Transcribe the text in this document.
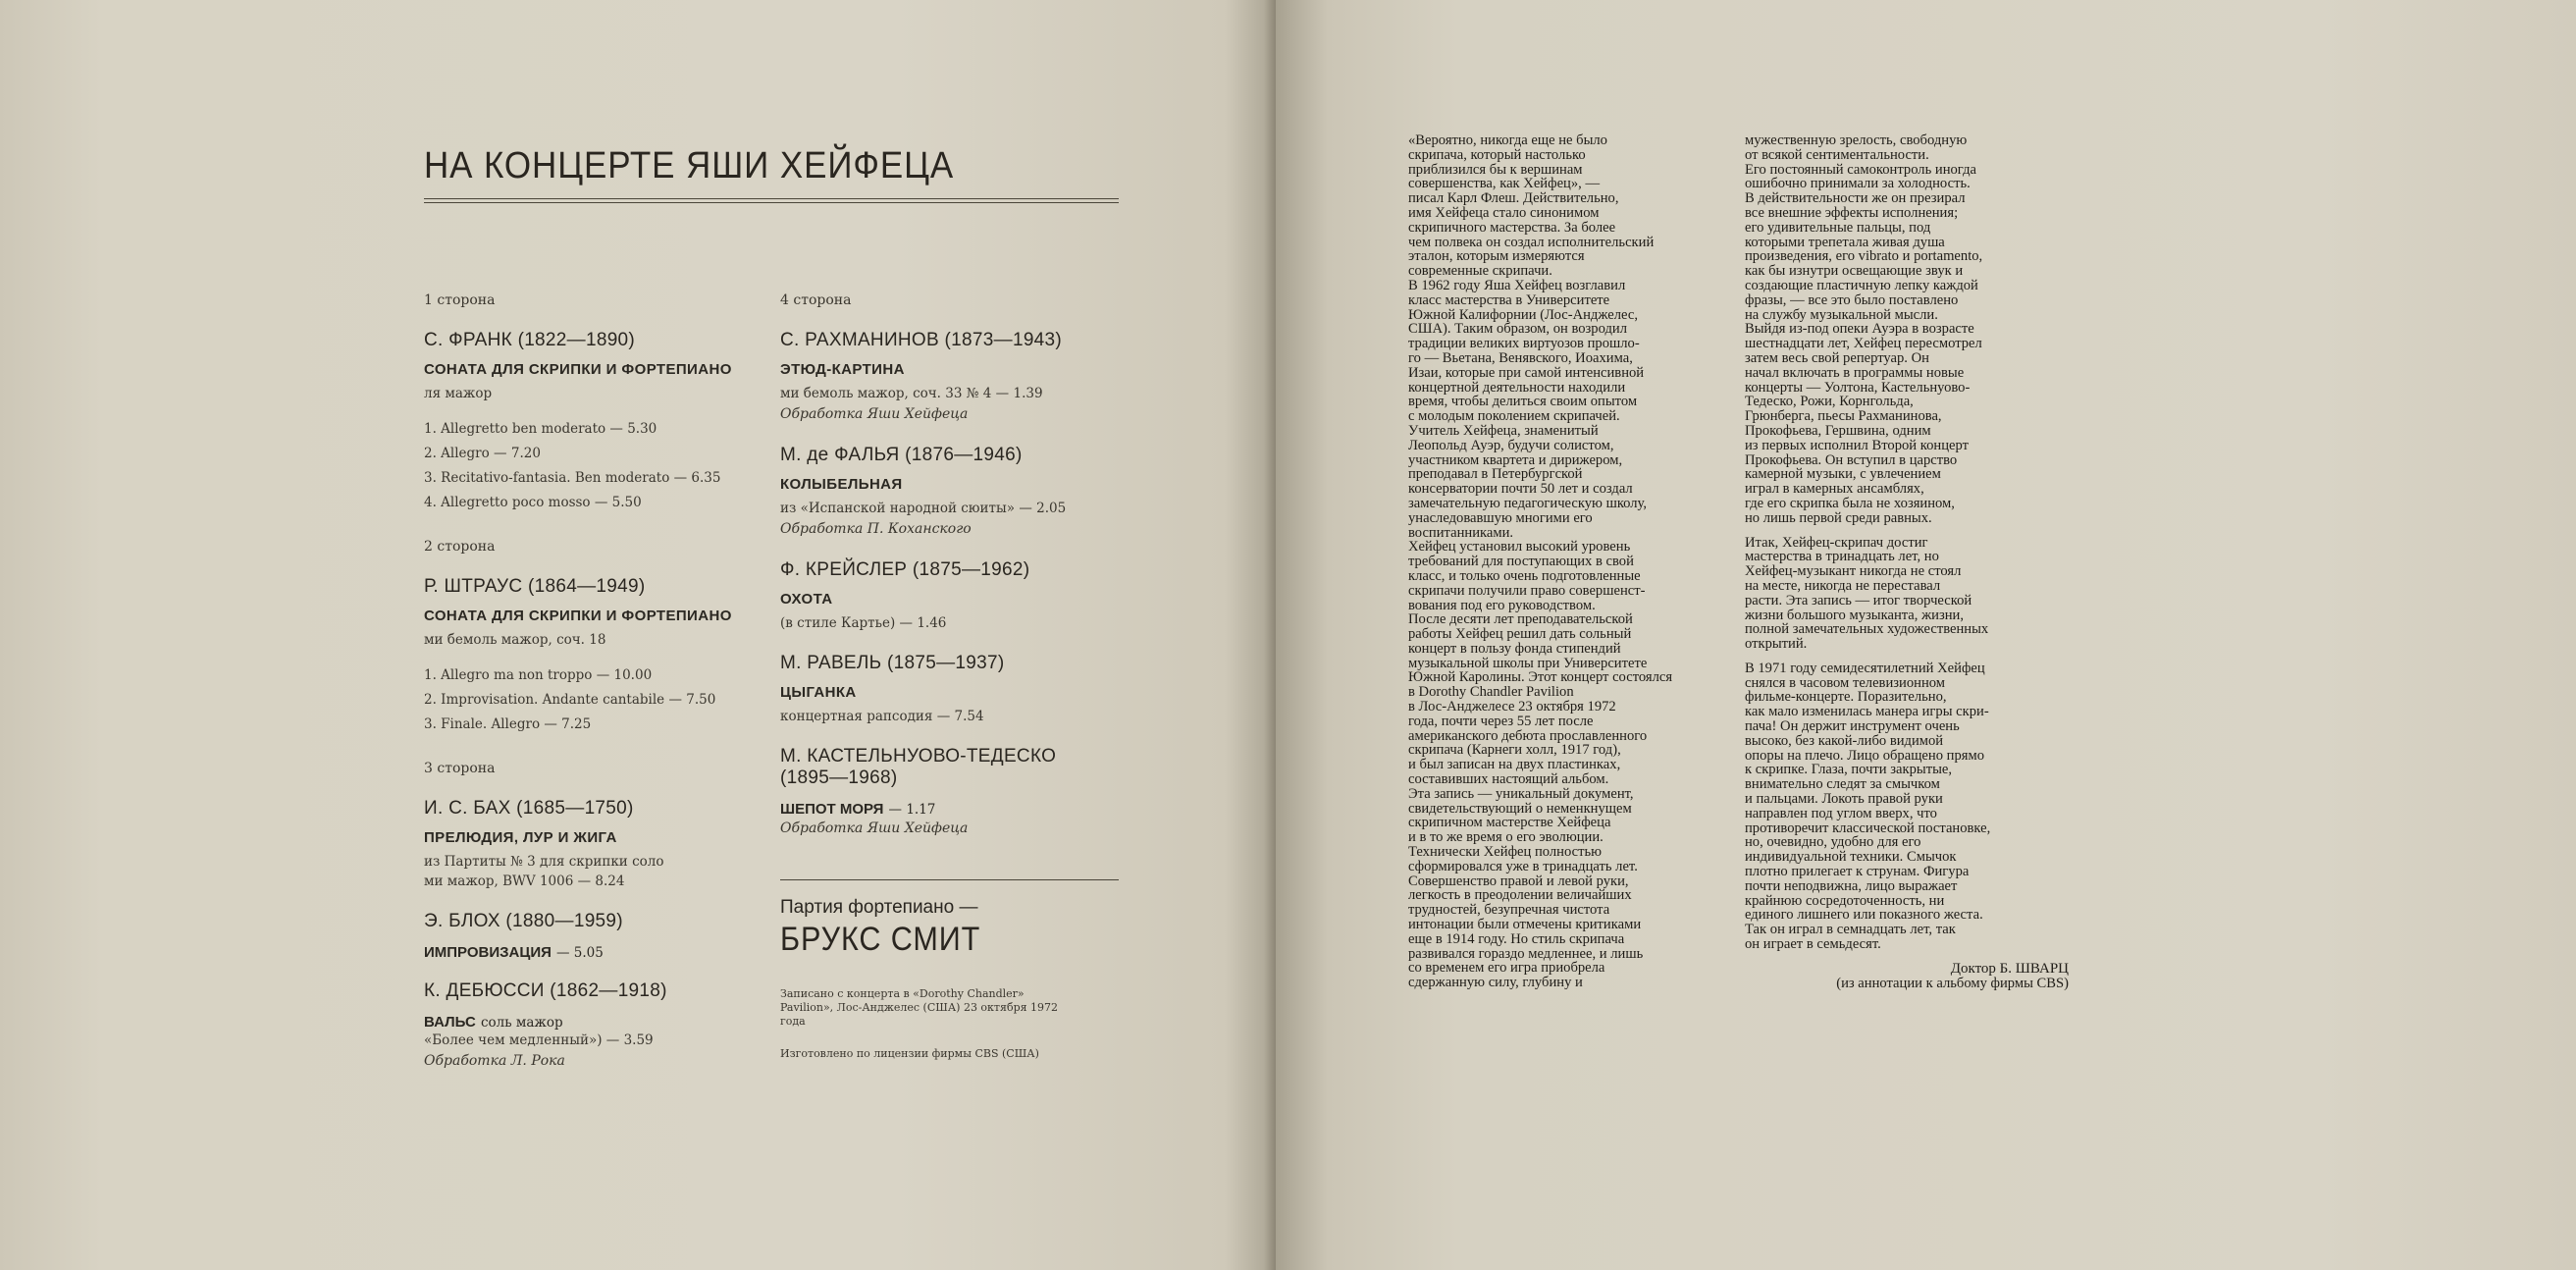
НА КОНЦЕРТЕ ЯШИ ХЕЙФЕЦА
1 сторона
С. ФРАНК (1822—1890)
СОНАТА ДЛЯ СКРИПКИ И ФОРТЕПИАНО
ля мажор
1. Allegretto ben moderato — 5.30
2. Allegro — 7.20
3. Recitativo-fantasia. Ben moderato — 6.35
4. Allegretto poco mosso — 5.50
2 сторона
Р. ШТРАУС (1864—1949)
СОНАТА ДЛЯ СКРИПКИ И ФОРТЕПИАНО
ми бемоль мажор, соч. 18
1. Allegro ma non troppo — 10.00
2. Improvisation. Andante cantabile — 7.50
3. Finale. Allegro — 7.25
3 сторона
И. С. БАХ (1685—1750)
ПРЕЛЮДИЯ, ЛУР И ЖИГА
из Партиты № 3 для скрипки соло
ми мажор, BWV 1006 — 8.24
Э. БЛОХ (1880—1959)
ИМПРОВИЗАЦИЯ — 5.05
К. ДЕБЮССИ (1862—1918)
ВАЛЬС соль мажор
«Более чем медленный») — 3.59
Обработка Л. Рока
4 сторона
С. РАХМАНИНОВ (1873—1943)
ЭТЮД-КАРТИНА
ми бемоль мажор, соч. 33 № 4 — 1.39
Обработка Яши Хейфеца
М. де ФАЛЬЯ (1876—1946)
КОЛЫБЕЛЬНАЯ
из «Испанской народной сюиты» — 2.05
Обработка П. Коханского
Ф. КРЕЙСЛЕР (1875—1962)
ОХОТА
(в стиле Картье) — 1.46
М. РАВЕЛЬ (1875—1937)
ЦЫГАНКА
концертная рапсодия — 7.54
М. КАСТЕЛЬНУОВО-ТЕДЕСКО
(1895—1968)
ШЕПОТ МОРЯ — 1.17
Обработка Яши Хейфеца
Партия фортепиано —
БРУКС СМИТ
Записано с концерта в «Dorothy Chandler» Pavilion», Лос-Анджелес (США) 23 октября 1972 года
Изготовлено по лицензии фирмы CBS (США)

«Вероятно, никогда еще не было

скрипача, который настолько

приблизился бы к вершинам

совершенства, как Хейфец», —

писал Карл Флеш. Действительно,

имя Хейфеца стало синонимом

скрипичного мастерства. За более

чем полвека он создал исполнительский

эталон, которым измеряются

современные скрипачи.

В 1962 году Яша Хейфец возглавил

класс мастерства в Университете

Южной Калифорнии (Лос-Анджелес,

США). Таким образом, он возродил

традиции великих виртуозов прошло-

го — Вьетана, Венявского, Иоахима,

Изаи, которые при самой интенсивной

концертной деятельности находили

время, чтобы делиться своим опытом

с молодым поколением скрипачей.

Учитель Хейфеца, знаменитый

Леопольд Ауэр, будучи солистом,

участником квартета и дирижером,

преподавал в Петербургской

консерватории почти 50 лет и создал

замечательную педагогическую школу,

унаследовавшую многими его

воспитанниками.

Хейфец установил высокий уровень

требований для поступающих в свой

класс, и только очень подготовленные

скрипачи получили право совершенст-

вования под его руководством.

После десяти лет преподавательской

работы Хейфец решил дать сольный

концерт в пользу фонда стипендий

музыкальной школы при Университете

Южной Каролины. Этот концерт состоялся

в Dorothy Chandler Pavilion

в Лос-Анджелесе 23 октября 1972

года, почти через 55 лет после

американского дебюта прославленного

скрипача (Карнеги холл, 1917 год),

и был записан на двух пластинках,

составивших настоящий альбом.

Эта запись — уникальный документ,

свидетельствующий о неменкнущем

скрипичном мастерстве Хейфеца

и в то же время о его эволюции.

Технически Хейфец полностью

сформировался уже в тринадцать лет.

Совершенство правой и левой руки,

легкость в преодолении величайших

трудностей, безупречная чистота

интонации были отмечены критиками

еще в 1914 году. Но стиль скрипача

развивался гораздо медленнее, и лишь

со временем его игра приобрела

сдержанную силу, глубину и

мужественную зрелость, свободную

от всякой сентиментальности.

Его постоянный самоконтроль иногда

ошибочно принимали за холодность.

В действительности же он презирал

все внешние эффекты исполнения;

его удивительные пальцы, под

которыми трепетала живая душа

произведения, его vibrato и portamento,

как бы изнутри освещающие звук и

создающие пластичную лепку каждой

фразы, — все это было поставлено

на службу музыкальной мысли.

Выйдя из-под опеки Ауэра в возрасте

шестнадцати лет, Хейфец пересмотрел

затем весь свой репертуар. Он

начал включать в программы новые

концерты — Уолтона, Кастельнуово-

Тедеско, Рожи, Корнгольда,

Грюнберга, пьесы Рахманинова,

Прокофьева, Гершвина, одним

из первых исполнил Второй концерт

Прокофьева. Он вступил в царство

камерной музыки, с увлечением

играл в камерных ансамблях,

где его скрипка была не хозяином,

но лишь первой среди равных.

Итак, Хейфец-скрипач достиг

мастерства в тринадцать лет, но

Хейфец-музыкант никогда не стоял

на месте, никогда не переставал

расти. Эта запись — итог творческой

жизни большого музыканта, жизни,

полной замечательных художественных

открытий.

В 1971 году семидесятилетний Хейфец

снялся в часовом телевизионном

фильме-концерте. Поразительно,

как мало изменилась манера игры скри-

пача! Он держит инструмент очень

высоко, без какой-либо видимой

опоры на плечо. Лицо обращено прямо

к скрипке. Глаза, почти закрытые,

внимательно следят за смычком

и пальцами. Локоть правой руки

направлен под углом вверх, что

противоречит классической постановке,

но, очевидно, удобно для его

индивидуальной техники. Смычок

плотно прилегает к струнам. Фигура

почти неподвижна, лицо выражает

крайнюю сосредоточенность, ни

единого лишнего или показного жеста.

Так он играл в семнадцать лет, так

он играет в семьдесят.

Доктор Б. ШВАРЦ
(из аннотации к альбому фирмы CBS)
